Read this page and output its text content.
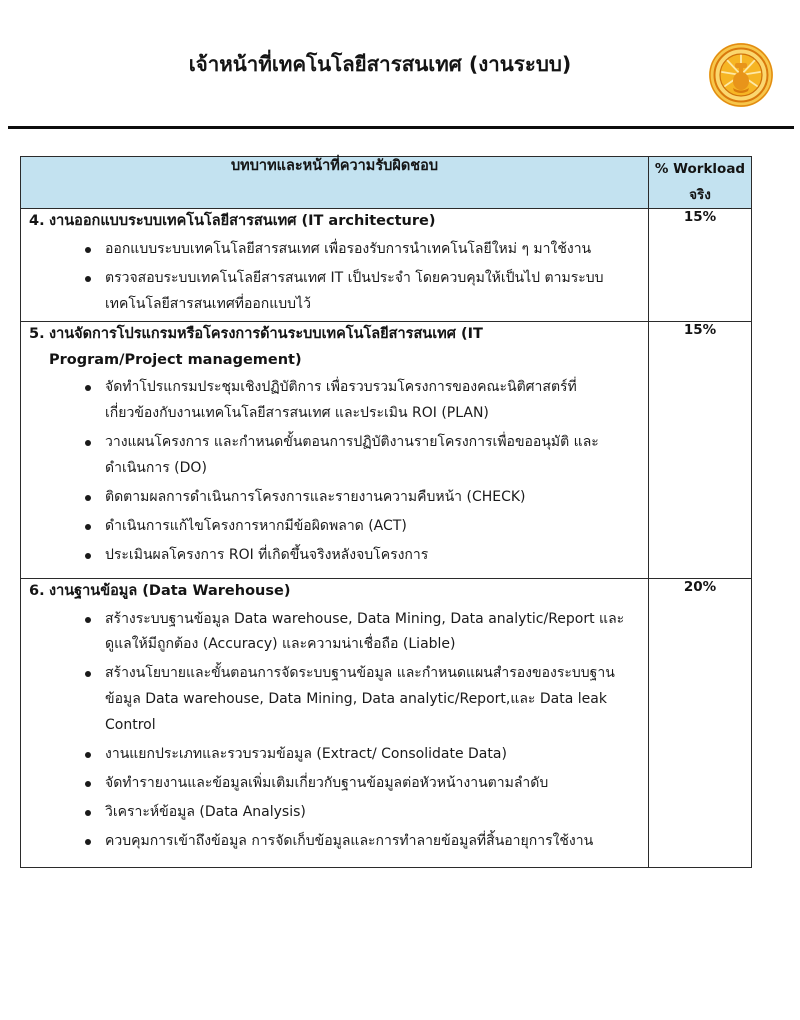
เจ้าหน้าที่เทคโนโลยีสารสนเทศ (งานระบบ)
บทบาทและหน้าที่ความรับผิดชอบ	% Workload
จริง

4. งานออกแบบระบบเทคโนโลยีสารสนเทศ (IT architecture)
ออกแบบระบบเทคโนโลยีสารสนเทศ เพื่อรองรับการนำเทคโนโลยีใหม่ ๆ มาใช้งาน
ตรวจสอบระบบเทคโนโลยีสารสนเทศ IT เป็นประจำ โดยควบคุมให้เป็นไป ตามระบบเทคโนโลยีสารสนเทศที่ออกแบบไว้
	15%

5. งานจัดการโปรแกรมหรือโครงการด้านระบบเทคโนโลยีสารสนเทศ (IT Program/Project management)
จัดทำโปรแกรมประชุมเชิงปฏิบัติการ เพื่อรวบรวมโครงการของคณะนิติศาสตร์ที่เกี่ยวข้องกับงานเทคโนโลยีสารสนเทศ และประเมิน ROI (PLAN)
วางแผนโครงการ และกำหนดขั้นตอนการปฏิบัติงานรายโครงการเพื่อขออนุมัติ และดำเนินการ (DO)
ติดตามผลการดำเนินการโครงการและรายงานความคืบหน้า (CHECK)
ดำเนินการแก้ไขโครงการหากมีข้อผิดพลาด (ACT)
ประเมินผลโครงการ ROI ที่เกิดขึ้นจริงหลังจบโครงการ
	15%

6. งานฐานข้อมูล (Data Warehouse)
สร้างระบบฐานข้อมูล Data warehouse, Data Mining, Data analytic/Report และดูแลให้มีถูกต้อง (Accuracy) และความน่าเชื่อถือ (Liable)
สร้างนโยบายและขั้นตอนการจัดระบบฐานข้อมูล และกำหนดแผนสำรองของระบบฐานข้อมูล Data warehouse, Data Mining, Data analytic/Report,และ Data leak Control
งานแยกประเภทและรวบรวมข้อมูล (Extract/ Consolidate Data)
จัดทำรายงานและข้อมูลเพิ่มเติมเกี่ยวกับฐานข้อมูลต่อหัวหน้างานตามลำดับ
วิเคราะห์ข้อมูล (Data Analysis)
ควบคุมการเข้าถึงข้อมูล การจัดเก็บข้อมูลและการทำลายข้อมูลที่สิ้นอายุการใช้งาน
	20%
